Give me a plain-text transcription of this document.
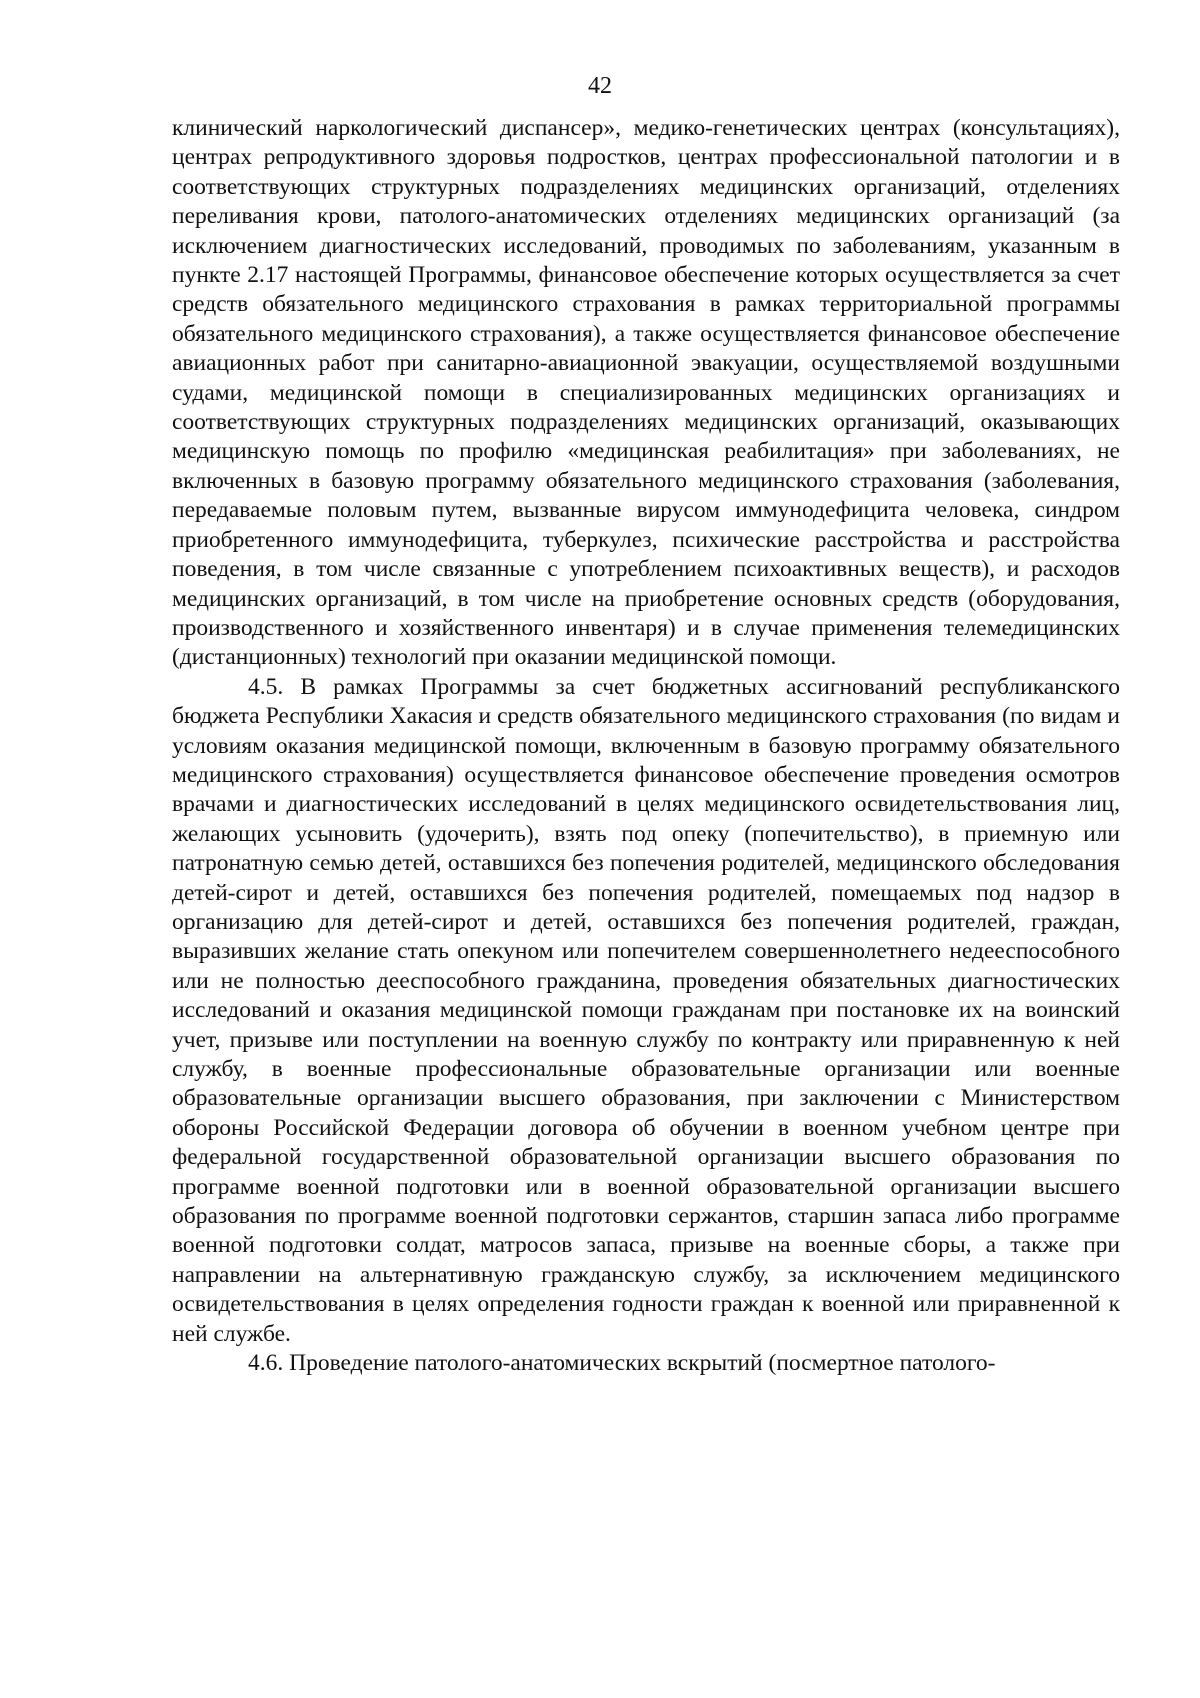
42

клинический наркологический диспансер», медико-генетических центрах (консультациях), центрах репродуктивного здоровья подростков, центрах профессиональной патологии и в соответствующих структурных подразделениях медицинских организаций, отделениях переливания крови, патолого-анатомических отделениях медицинских организаций (за исключением диагностических исследований, проводимых по заболеваниям, указанным в пункте 2.17 настоящей Программы, финансовое обеспечение которых осуществляется за счет средств обязательного медицинского страхования в рамках территориальной программы обязательного медицинского страхования), а также осуществляется финансовое обеспечение авиационных работ при санитарно-авиационной эвакуации, осуществляемой воздушными судами, медицинской помощи в специализированных медицинских организациях и соответствующих структурных подразделениях медицинских организаций, оказывающих медицинскую помощь по профилю «медицинская реабилитация» при заболеваниях, не включенных в базовую программу обязательного медицинского страхования (заболевания, передаваемые половым путем, вызванные вирусом иммунодефицита человека, синдром приобретенного иммунодефицита, туберкулез, психические расстройства и расстройства поведения, в том числе связанные с употреблением психоактивных веществ), и расходов медицинских организаций, в том числе на приобретение основных средств (оборудования, производственного и хозяйственного инвентаря) и в случае применения телемедицинских (дистанционных) технологий при оказании медицинской помощи.

4.5. В рамках Программы за счет бюджетных ассигнований республиканского бюджета Республики Хакасия и средств обязательного медицинского страхования (по видам и условиям оказания медицинской помощи, включенным в базовую программу обязательного медицинского страхования) осуществляется финансовое обеспечение проведения осмотров врачами и диагностических исследований в целях медицинского освидетельствования лиц, желающих усыновить (удочерить), взять под опеку (попечительство), в приемную или патронатную семью детей, оставшихся без попечения родителей, медицинского обследования детей-сирот и детей, оставшихся без попечения родителей, помещаемых под надзор в организацию для детей-сирот и детей, оставшихся без попечения родителей, граждан, выразивших желание стать опекуном или попечителем совершеннолетнего недееспособного или не полностью дееспособного гражданина, проведения обязательных диагностических исследований и оказания медицинской помощи гражданам при постановке их на воинский учет, призыве или поступлении на военную службу по контракту или приравненную к ней службу, в военные профессиональные образовательные организации или военные образовательные организации высшего образования, при заключении с Министерством обороны Российской Федерации договора об обучении в военном учебном центре при федеральной государственной образовательной организации высшего образования по программе военной подготовки или в военной образовательной организации высшего образования по программе военной подготовки сержантов, старшин запаса либо программе военной подготовки солдат, матросов запаса, призыве на военные сборы, а также при направлении на альтернативную гражданскую службу, за исключением медицинского освидетельствования в целях определения годности граждан к военной или приравненной к ней службе.

4.6. Проведение патолого-анатомических вскрытий (посмертное патолого-
